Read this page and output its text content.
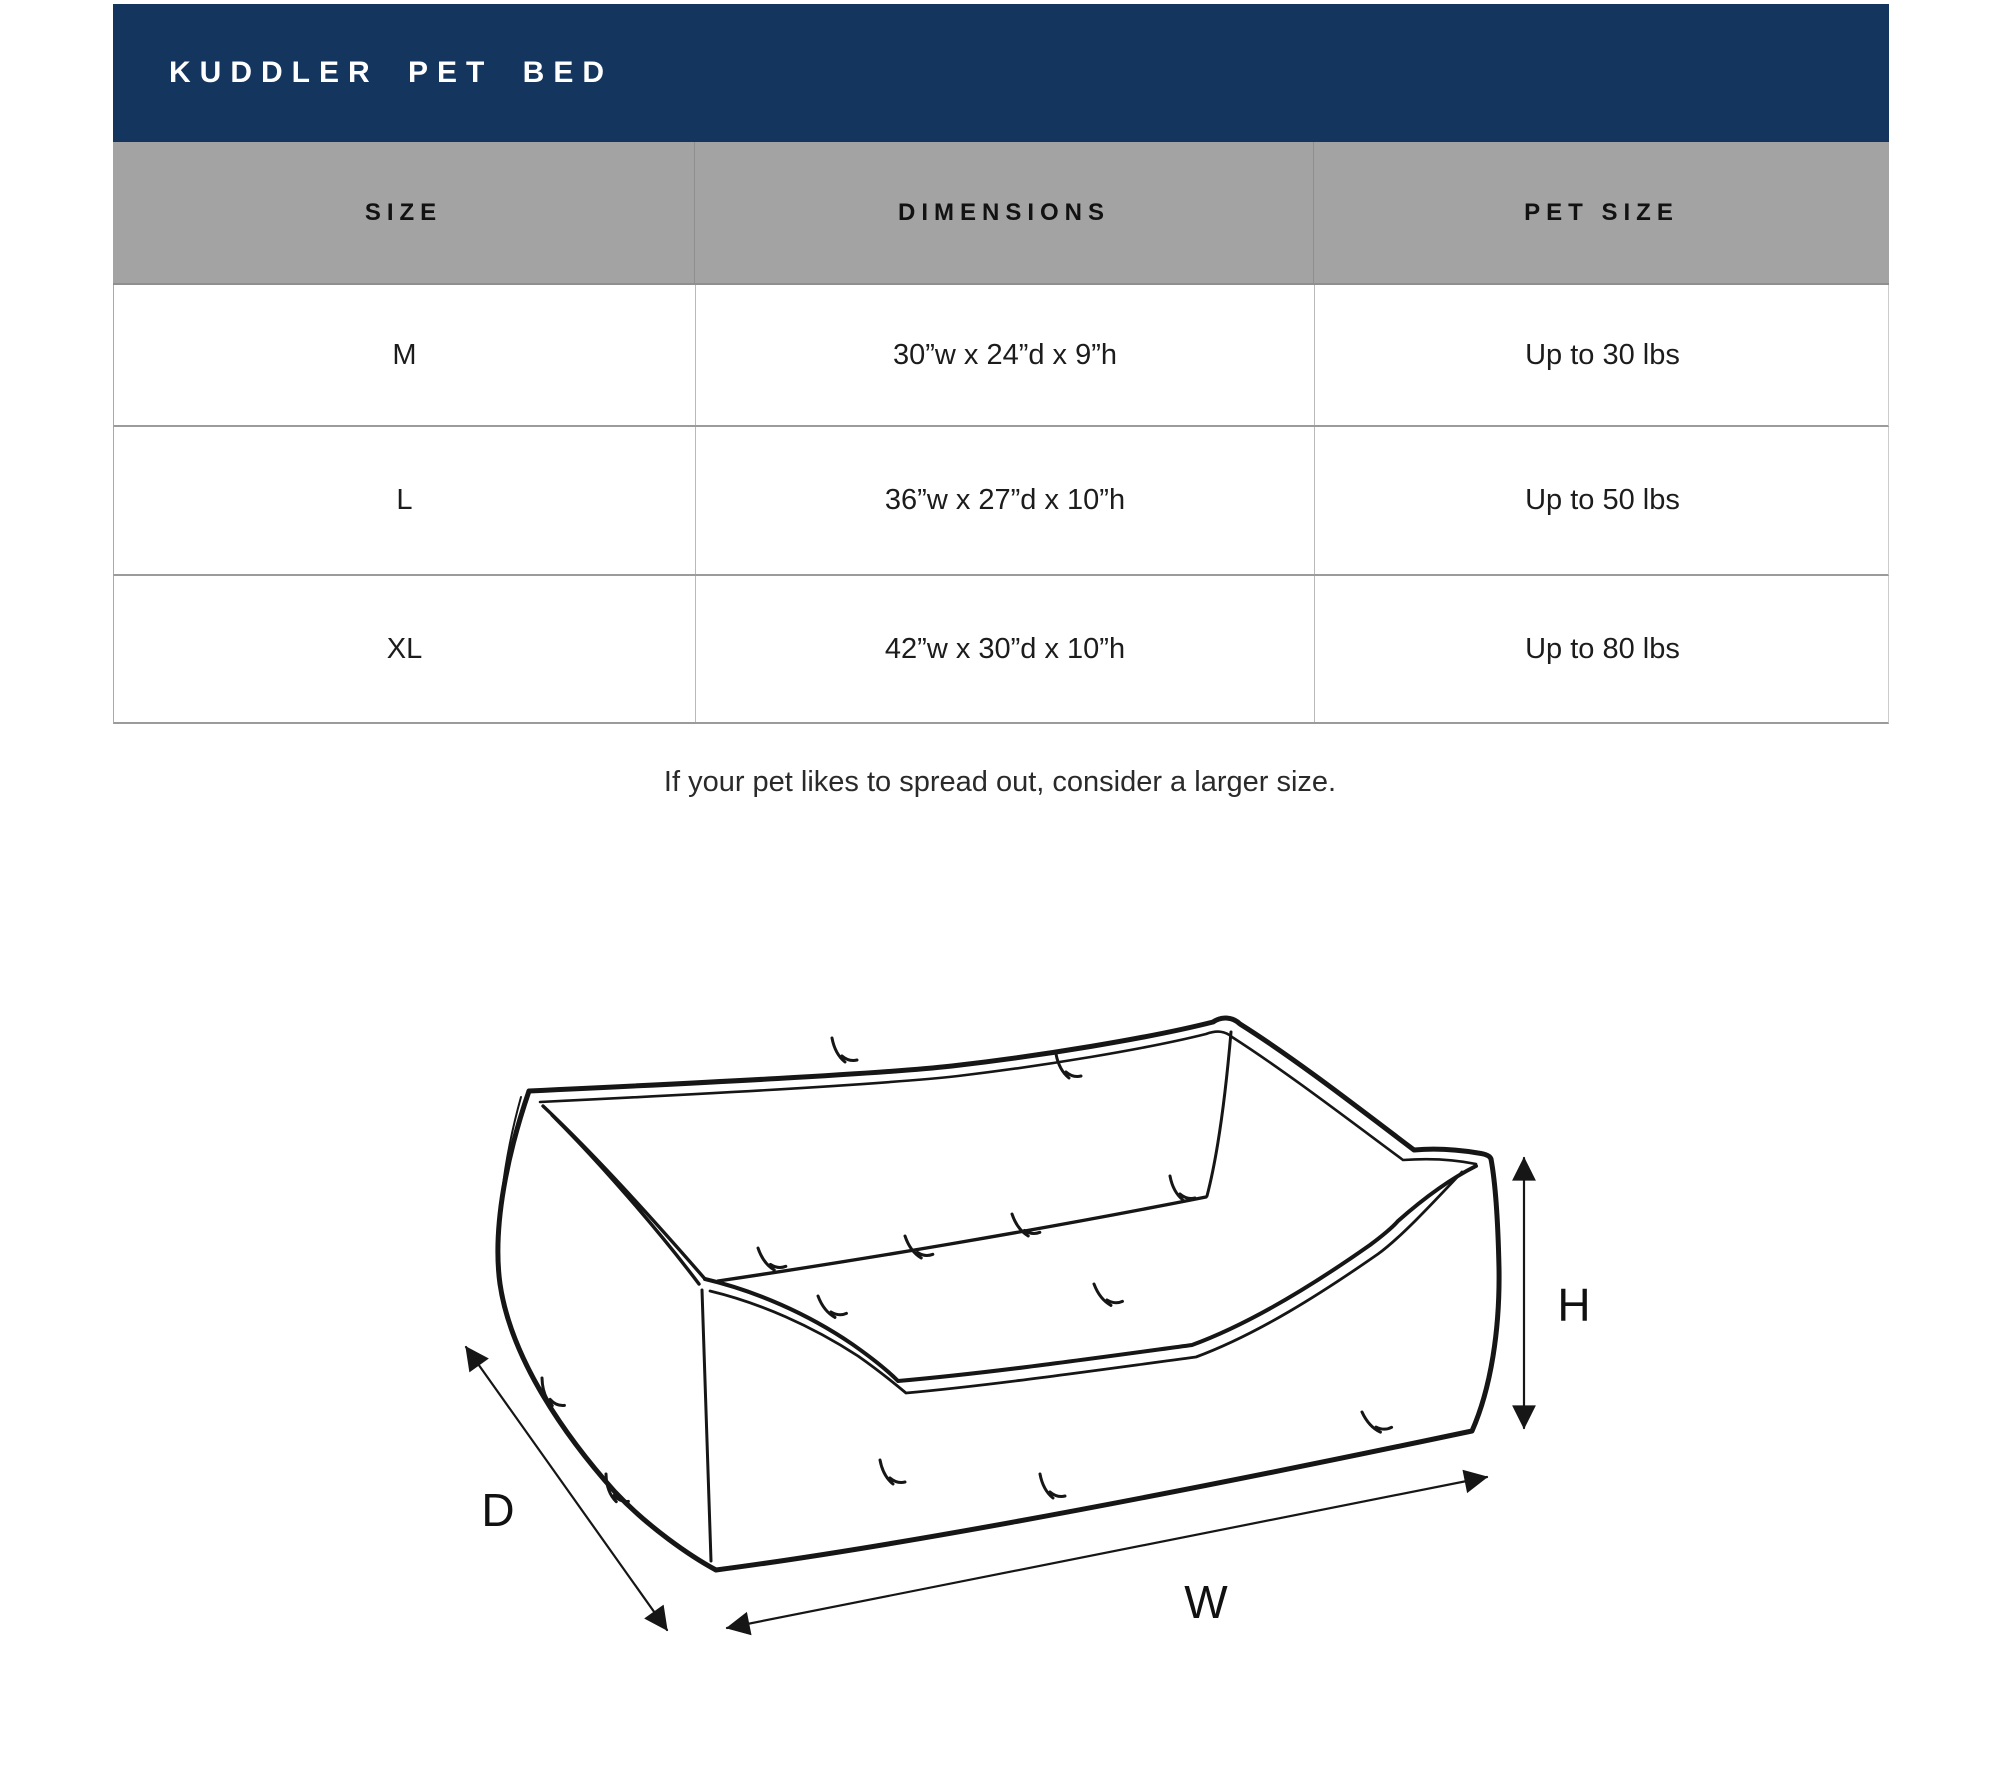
KUDDLER PET BED
SIZE	DIMENSIONS	PET SIZE
M	30”w x 24”d x 9”h	Up to 30 lbs
L	36”w x 27”d x 10”h	Up to 50 lbs
XL	42”w x 30”d x 10”h	Up to 80 lbs
If your pet likes to spread out, consider a larger size.
D
W
H
